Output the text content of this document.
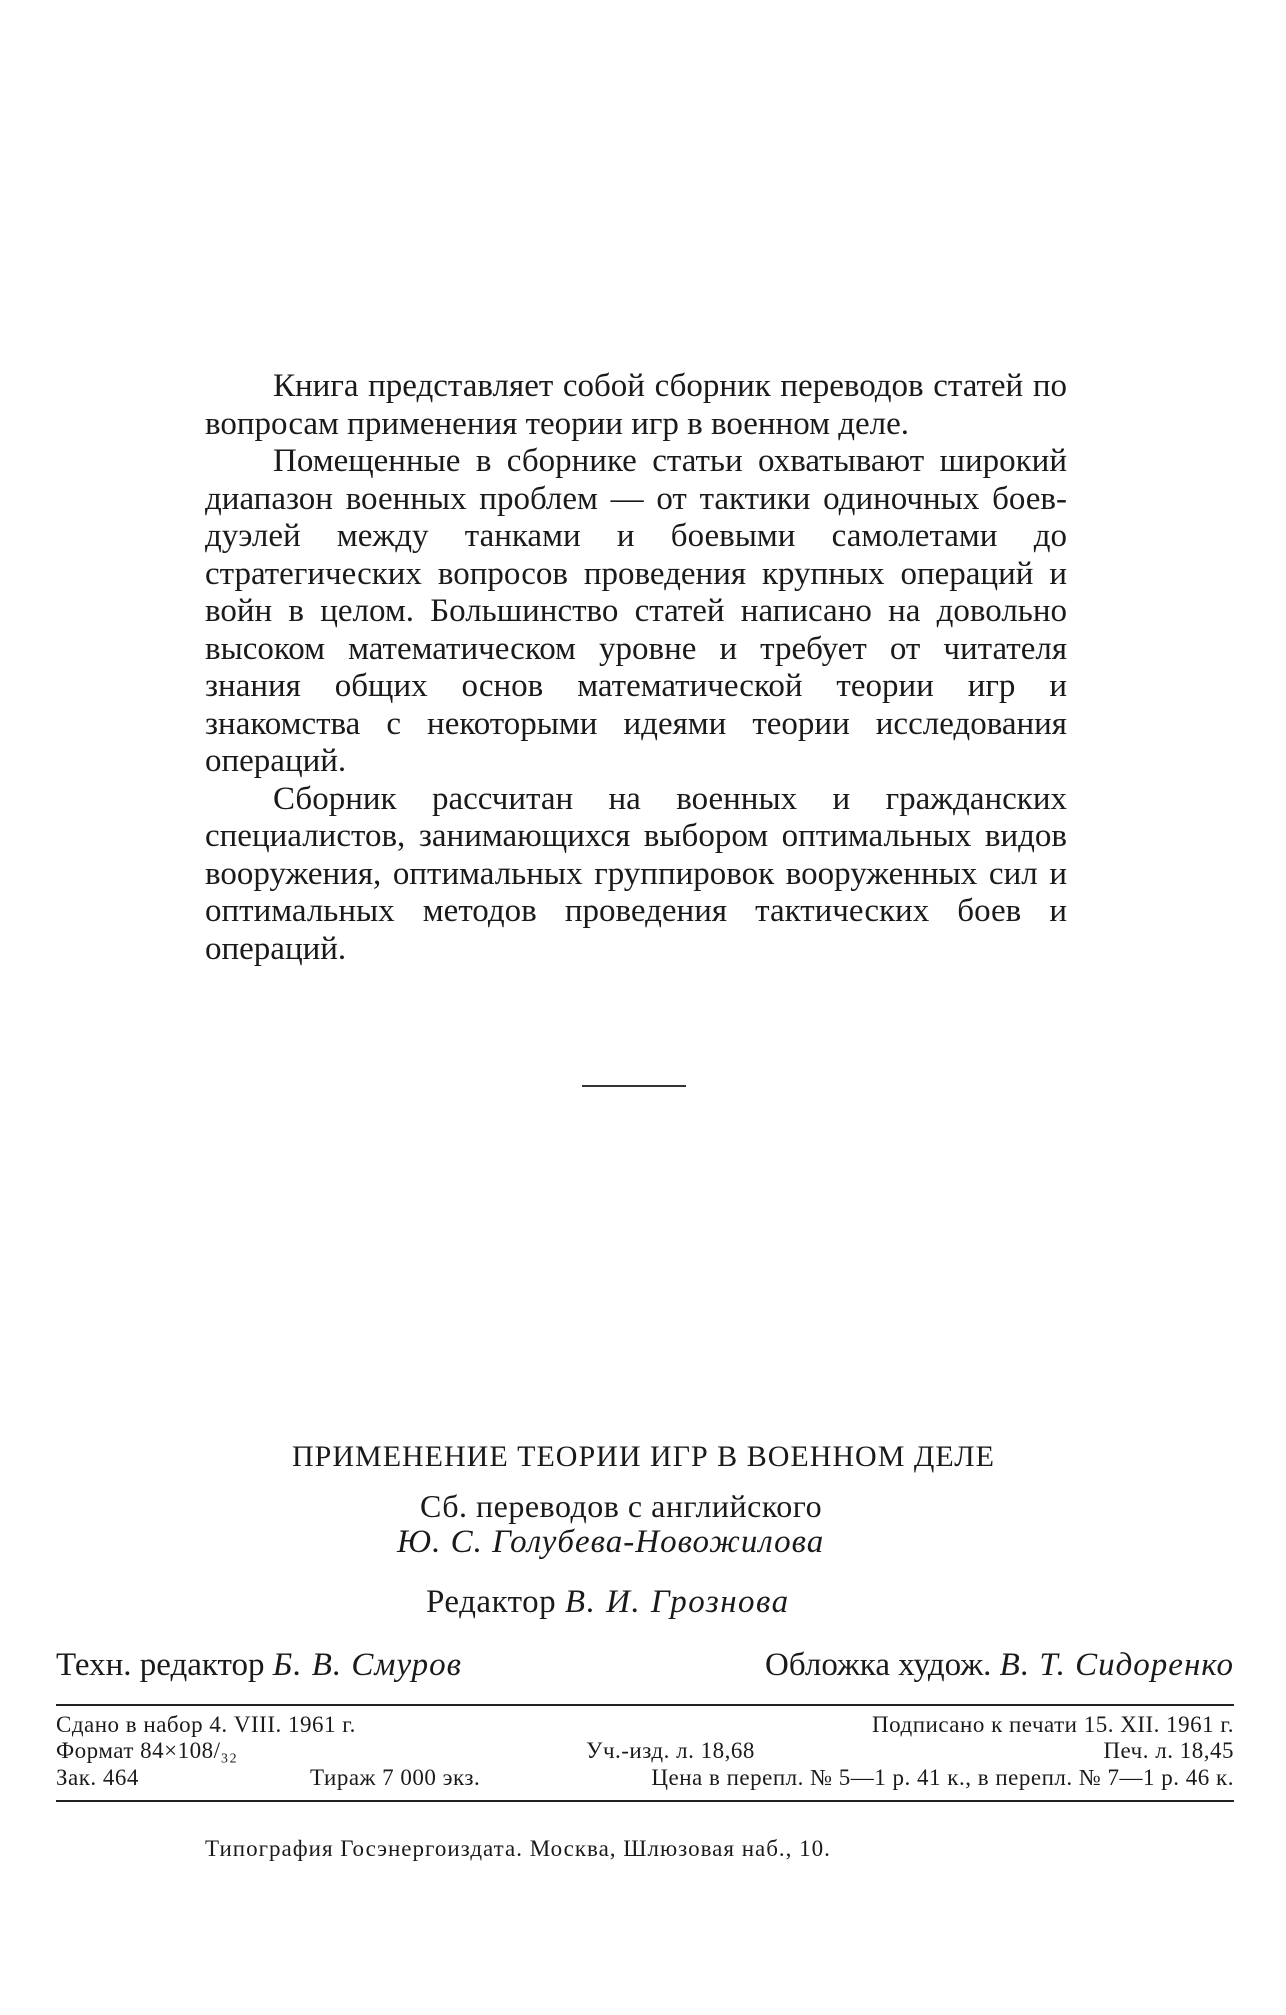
Книга представляет собой сборник переводов статей по вопросам применения теории игр в военном деле.

Помещенные в сборнике статьи охватывают широкий диапазон военных проблем — от тактики одиночных боев-дуэлей между танками и боевыми самолетами до стратегических вопросов проведения крупных операций и войн в целом. Большинство статей написано на довольно высоком математическом уровне и требует от читателя знания общих основ математической теории игр и знакомства с некоторыми идеями теории исследования операций.

Сборник рассчитан на военных и гражданских специалистов, занимающихся выбором оптимальных видов вооружения, оптимальных группировок вооруженных сил и оптимальных методов проведения тактических боев и операций.

ПРИМЕНЕНИЕ ТЕОРИИ ИГР В ВОЕННОМ ДЕЛЕ
Сб. переводов с английского
Ю. С. Голубева-Новожилова
Редактор В. И. Грознова
Техн. редактор Б. В. Смуров	Обложка худож. В. Т. Сидоренко
Сдано в набор 4. VIII. 1961 г.	Подписано к печати 15. XII. 1961 г.
Формат 84×108/₃₂	Уч.-изд. л. 18,68	Печ. л. 18,45
Зак. 464	Тираж 7 000 экз.	Цена в перепл. № 5—1 р. 41 к., в перепл. № 7—1 р. 46 к.
Типография Госэнергоиздата. Москва, Шлюзовая наб., 10.
